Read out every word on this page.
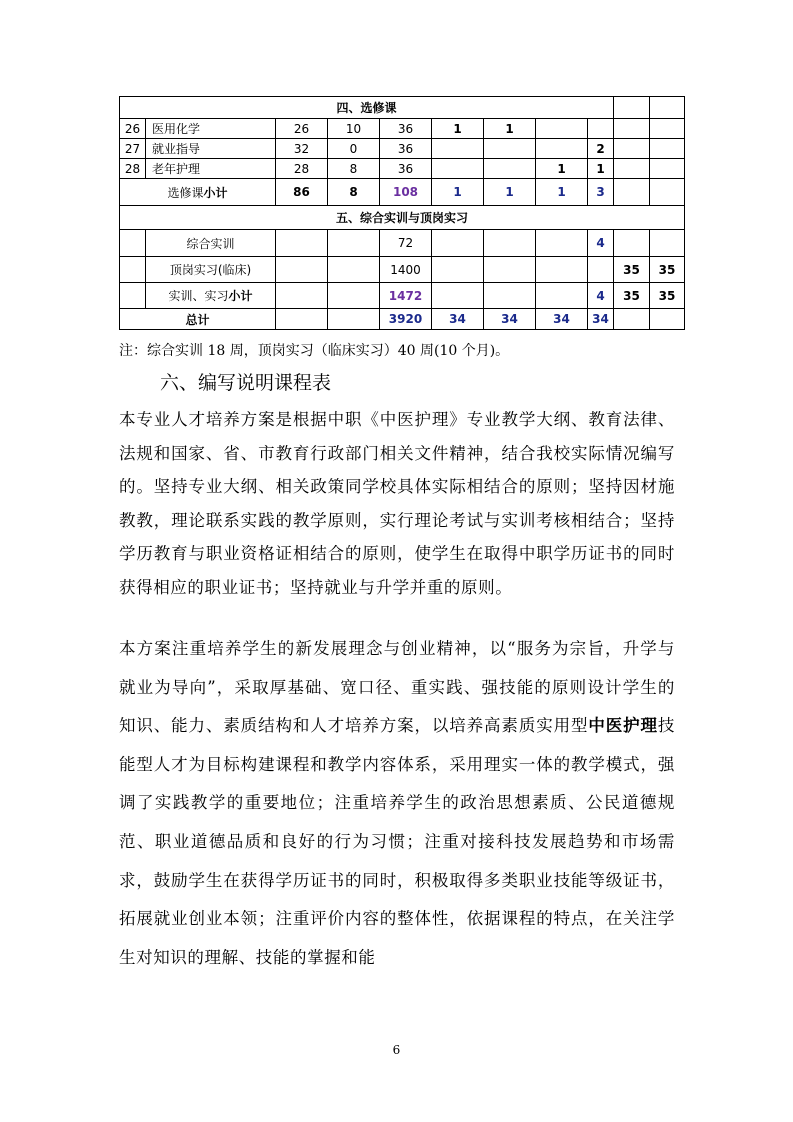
四、选修课										
26	医用化学	26	10	36	1	1				
27	就业指导	32	0	36				2		
28	老年护理	28	8	36			1	1		
选修课小计		86	8	108	1	1	1	3		
五、综合实训与顶岗实习										
	综合实训			72				4		
	顶岗实习(临床)			1400					35	35
	实训、实习小计			1472				4	35	35
总计				3920	34	34	34	34		
注：综合实训 18 周，顶岗实习（临床实习）40 周(10 个月)。
六、编写说明课程表

本专业人才培养方案是根据中职《中医护理》专业教学大纲、教育法律、法规和国家、省、市教育行政部门相关文件精神，结合我校实际情况编写的。坚持专业大纲、相关政策同学校具体实际相结合的原则；坚持因材施教教，理论联系实践的教学原则，实行理论考试与实训考核相结合；坚持学历教育与职业资格证相结合的原则，使学生在取得中职学历证书的同时获得相应的职业证书；坚持就业与升学并重的原则。

本方案注重培养学生的新发展理念与创业精神，以“服务为宗旨，升学与就业为导向”，采取厚基础、宽口径、重实践、强技能的原则设计学生的知识、能力、素质结构和人才培养方案，以培养高素质实用型中医护理技能型人才为目标构建课程和教学内容体系，采用理实一体的教学模式，强调了实践教学的重要地位；注重培养学生的政治思想素质、公民道德规范、职业道德品质和良好的行为习惯；注重对接科技发展趋势和市场需求，鼓励学生在获得学历证书的同时，积极取得多类职业技能等级证书，拓展就业创业本领；注重评价内容的整体性，依据课程的特点，在关注学生对知识的理解、技能的掌握和能

6
